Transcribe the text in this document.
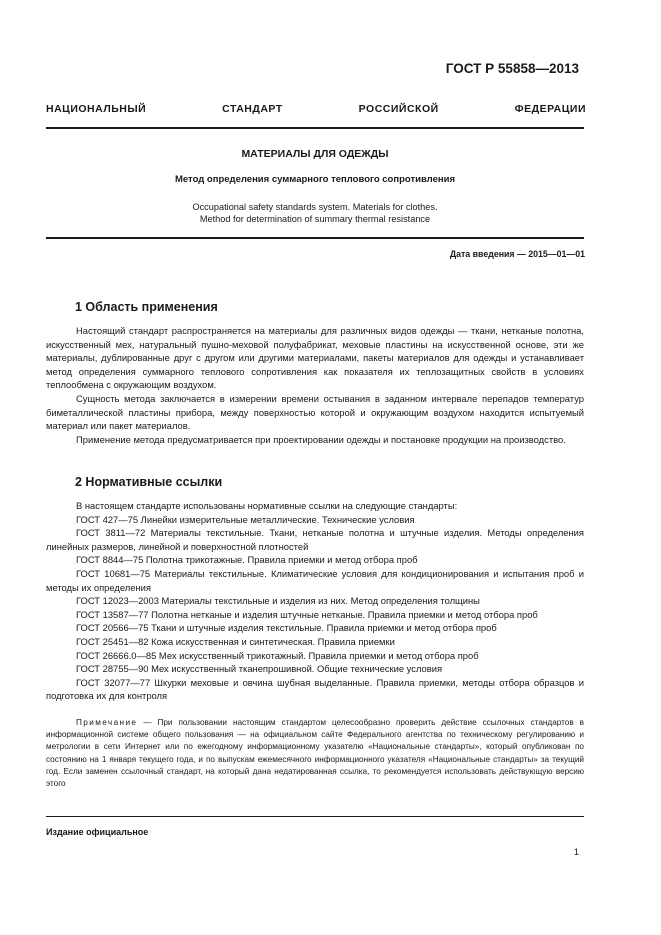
ГОСТ Р 55858—2013
НАЦИОНАЛЬНЫЙ СТАНДАРТ РОССИЙСКОЙ ФЕДЕРАЦИИ
МАТЕРИАЛЫ ДЛЯ ОДЕЖДЫ
Метод определения суммарного теплового сопротивления
Occupational safety standards system. Materials for clothes.
Method for determination of summary thermal resistance
Дата введения — 2015—01—01
1 Область применения

Настоящий стандарт распространяется на материалы для различных видов одежды — ткани, нетканые полотна, искусственный мех, натуральный пушно-меховой полуфабрикат, меховые пластины на искусственной основе, эти же материалы, дублированные друг с другом или другими материалами, пакеты материалов для одежды и устанавливает метод определения суммарного теплового сопротивления как показателя их теплозащитных свойств в условиях теплообмена с окружающим воздухом.

Сущность метода заключается в измерении времени остывания в заданном интервале перепадов температур биметаллической пластины прибора, между поверхностью которой и окружающим воздухом находится испытуемый материал или пакет материалов.

Применение метода предусматривается при проектировании одежды и постановке продукции на производство.

2 Нормативные ссылки

В настоящем стандарте использованы нормативные ссылки на следующие стандарты:

ГОСТ 427—75 Линейки измерительные металлические. Технические условия

ГОСТ 3811—72 Материалы текстильные. Ткани, нетканые полотна и штучные изделия. Методы определения линейных размеров, линейной и поверхностной плотностей

ГОСТ 8844—75 Полотна трикотажные. Правила приемки и метод отбора проб

ГОСТ 10681—75 Материалы текстильные. Климатические условия для кондиционирования и испытания проб и методы их определения

ГОСТ 12023—2003 Материалы текстильные и изделия из них. Метод определения толщины

ГОСТ 13587—77 Полотна нетканые и изделия штучные нетканые. Правила приемки и метод отбора проб

ГОСТ 20566—75 Ткани и штучные изделия текстильные. Правила приемки и метод отбора проб

ГОСТ 25451—82 Кожа искусственная и синтетическая. Правила приемки

ГОСТ 26666.0—85 Мех искусственный трикотажный. Правила приемки и метод отбора проб

ГОСТ 28755—90 Мех искусственный тканепрошивной. Общие технические условия

ГОСТ 32077—77 Шкурки меховые и овчина шубная выделанные. Правила приемки, методы отбора образцов и подготовка их для контроля

Примечание — При пользовании настоящим стандартом целесообразно проверить действие ссылочных стандартов в информационной системе общего пользования — на официальном сайте Федерального агентства по техническому регулированию и метрологии в сети Интернет или по ежегодному информационному указателю «Национальные стандарты», который опубликован по состоянию на 1 января текущего года, и по выпускам ежемесячного информационного указателя «Национальные стандарты» за текущий год. Если заменен ссылочный стандарт, на который дана недатированная ссылка, то рекомендуется использовать действующую версию этого

Издание официальное
1
